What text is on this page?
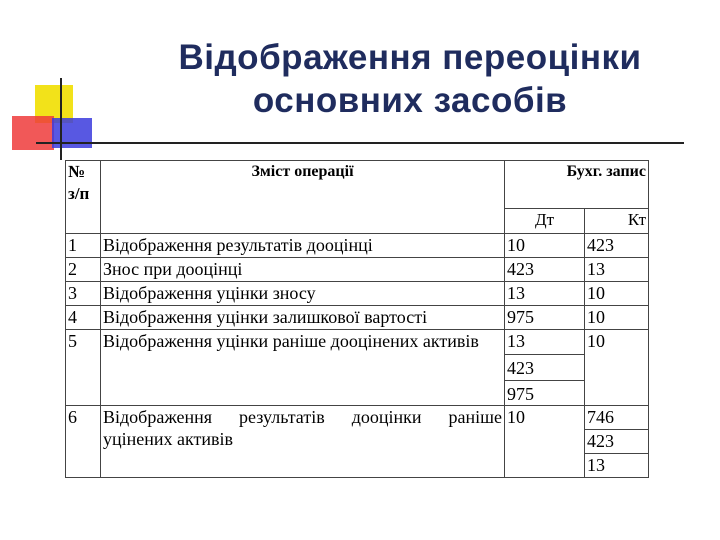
Відображення переоцінки
основних засобів
№ з/п	Зміст операції	Бухг. запис	
		Дт	Кт
1	Відображення результатів дооцінці	10	423
2	Знос при дооцінці	423	13
3	Відображення уцінки зносу	13	10
4	Відображення уцінки залишкової вартості	975	10
5	Відображення уцінки раніше дооцінених активів	13	10
		423	
		975	
6	Відображення результатів дооцінки раніше уцінених активів	10	746
			423
			13
